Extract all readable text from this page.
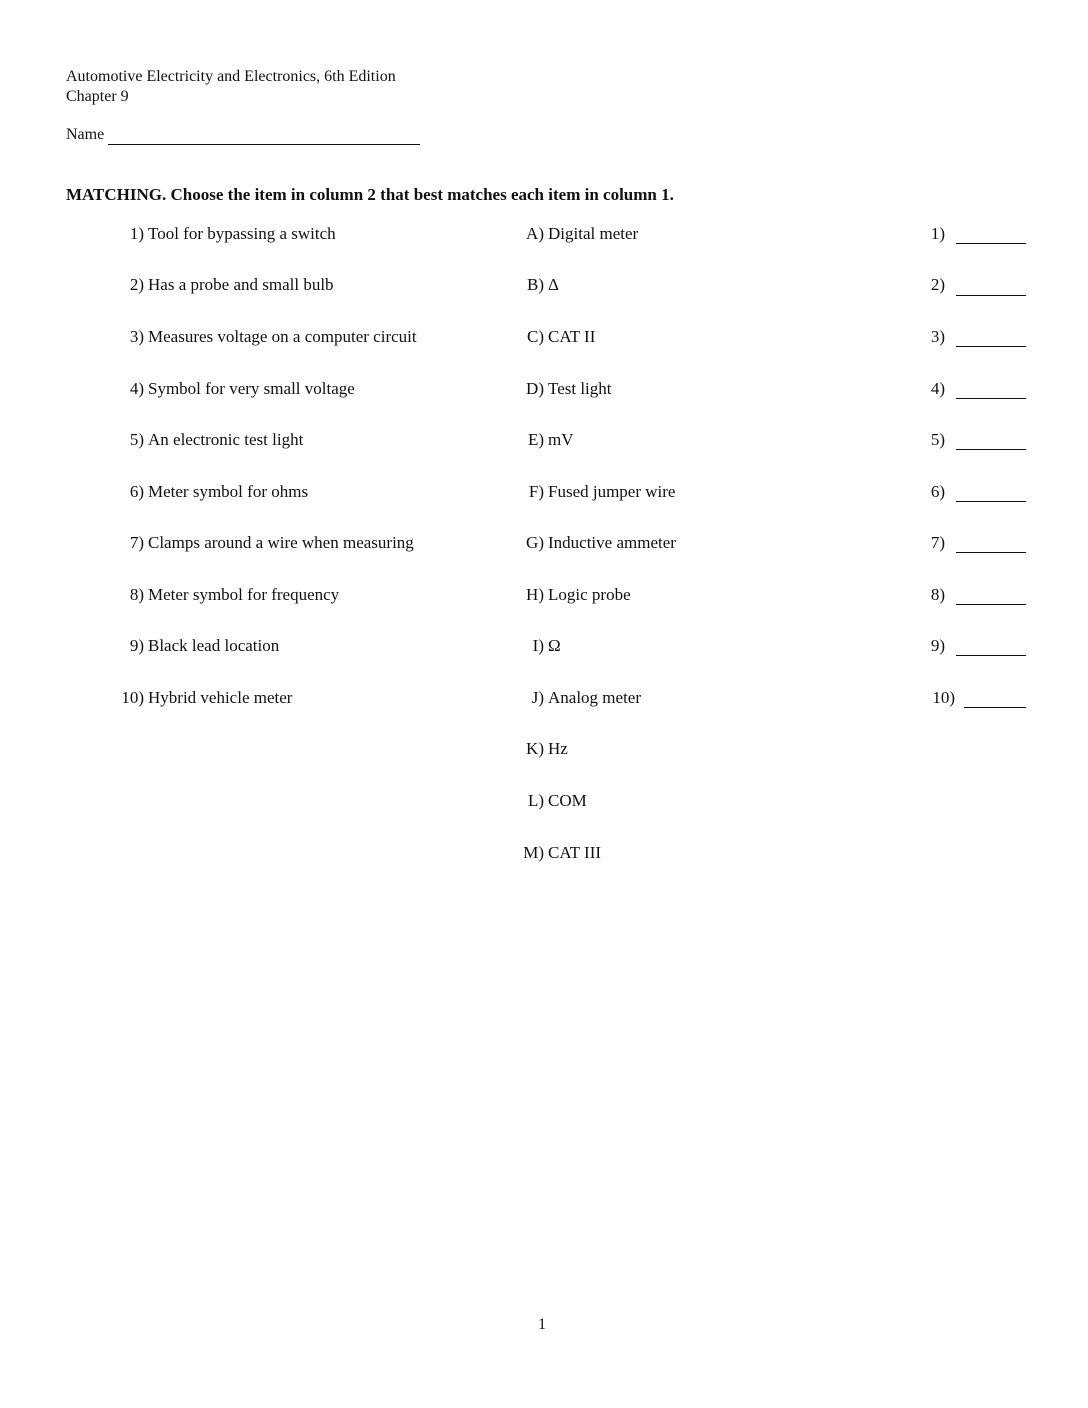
Automotive Electricity and Electronics, 6th Edition
Chapter 9
Name
MATCHING. Choose the item in column 2 that best matches each item in column 1.
1) Tool for bypassing a switch
2) Has a probe and small bulb
3) Measures voltage on a computer circuit
4) Symbol for very small voltage
5) An electronic test light
6) Meter symbol for ohms
7) Clamps around a wire when measuring
8) Meter symbol for frequency
9) Black lead location
10) Hybrid vehicle meter
A) Digital meter
B) Δ
C) CAT II
D) Test light
E) mV
F) Fused jumper wire
G) Inductive ammeter
H) Logic probe
I) Ω
J) Analog meter
K) Hz
L) COM
M) CAT III
1)
2)
3)
4)
5)
6)
7)
8)
9)
10)
1
